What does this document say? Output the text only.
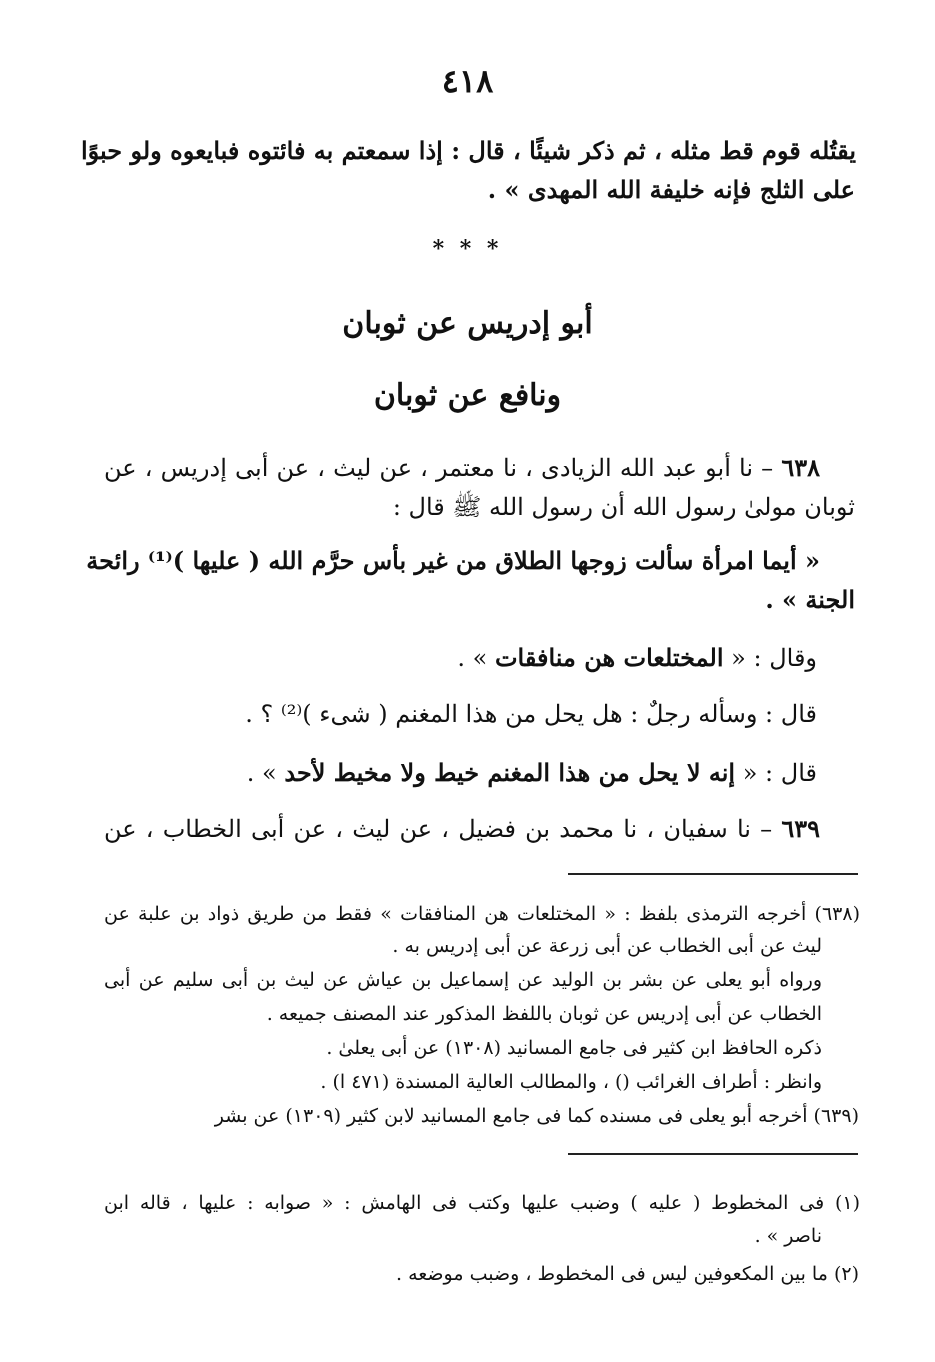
٤١٨
يقتُله قوم قط مثله ، ثم ذكر شيئًا ، قال : إذا سمعتم به فائتوه فبايعوه ولو حبوًا
على الثلج فإنه خليفة الله المهدى » .
* * *
أبو إدريس عن ثوبان
ونافع عن ثوبان
٦٣٨ – نا أبو عبد الله الزيادى ، نا معتمر ، عن ليث ، عن أبى إدريس ، عن
ثوبان مولىٰ رسول الله أن رسول الله ﷺ قال :
« أيما امرأة سألت زوجها الطلاق من غير بأس حرَّم الله ( عليها )⁽¹⁾ رائحة
الجنة » .
وقال : « المختلعات هن منافقات » .
قال : وسأله رجلٌ : هل يحل من هذا المغنم ( شىء )⁽²⁾ ؟ .
قال : « إنه لا يحل من هذا المغنم خيط ولا مخيط لأحد » .
٦٣٩ – نا سفيان ، نا محمد بن فضيل ، عن ليث ، عن أبى الخطاب ، عن
(٦٣٨) أخرجه الترمذى بلفظ : « المختلعات هن المنافقات » فقط من طريق ذواد بن علبة عن
ليث عن أبى الخطاب عن أبى زرعة عن أبى إدريس به .
ورواه أبو يعلى عن بشر بن الوليد عن إسماعيل بن عياش عن ليث بن أبى سليم عن أبى
الخطاب عن أبى إدريس عن ثوبان باللفظ المذكور عند المصنف جميعه .
ذكره الحافظ ابن كثير فى جامع المسانيد (١٣٠٨) عن أبى يعلىٰ .
وانظر : أطراف الغرائب () ، والمطالب العالية المسندة (٤٧١ ا) .
(٦٣٩) أخرجه أبو يعلى فى مسنده كما فى جامع المسانيد لابن كثير (١٣٠٩) عن بشر
(١) فى المخطوط ( عليه ) وضبب عليها وكتب فى الهامش : « صوابه : عليها ، قاله ابن
ناصر » .
(٢) ما بين المكعوفين ليس فى المخطوط ، وضبب موضعه .
